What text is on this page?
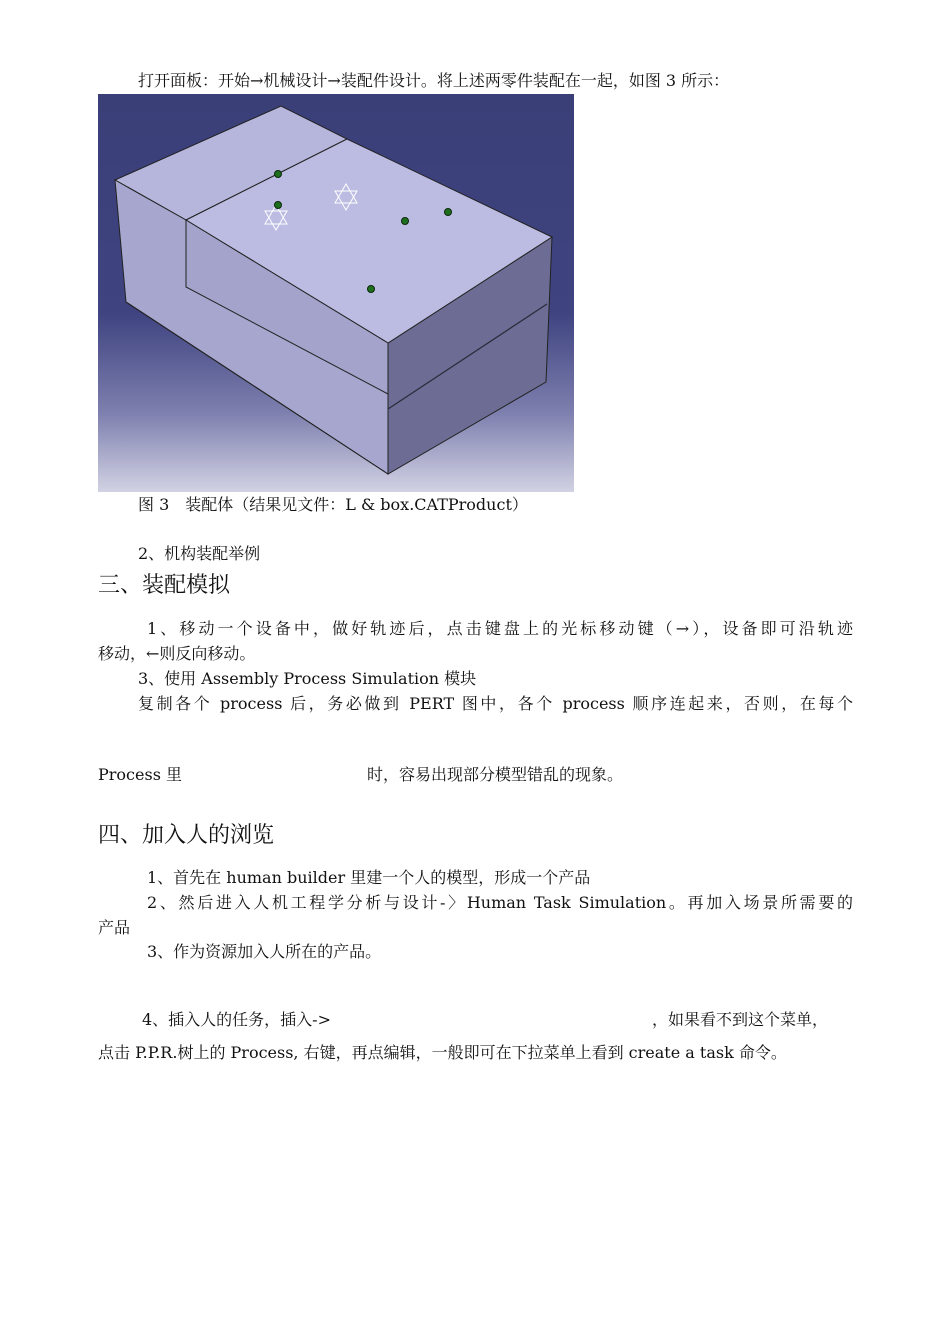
打开面板：开始→机械设计→装配件设计。将上述两零件装配在一起，如图 3 所示：
图 3　装配体（结果见文件：L & box.CATProduct）
2、机构装配举例
三、装配模拟
1、移动一个设备中，做好轨迹后，点击键盘上的光标移动键（→），设备即可沿轨迹
移动，←则反向移动。
3、使用 Assembly Process Simulation 模块
复制各个 process 后，务必做到 PERT 图中，各个 process 顺序连起来，否则，在每个
Process 里	时，容易出现部分模型错乱的现象。
四、加入人的浏览
1、首先在 human builder 里建一个人的模型，形成一个产品
2、然后进入人机工程学分析与设计-〉Human Task Simulation。再加入场景所需要的
产品
3、作为资源加入人所在的产品。
4、插入人的任务，插入->	，如果看不到这个菜单，
点击 P.P.R.树上的 Process, 右键，再点编辑，一般即可在下拉菜单上看到 create a task 命令。
